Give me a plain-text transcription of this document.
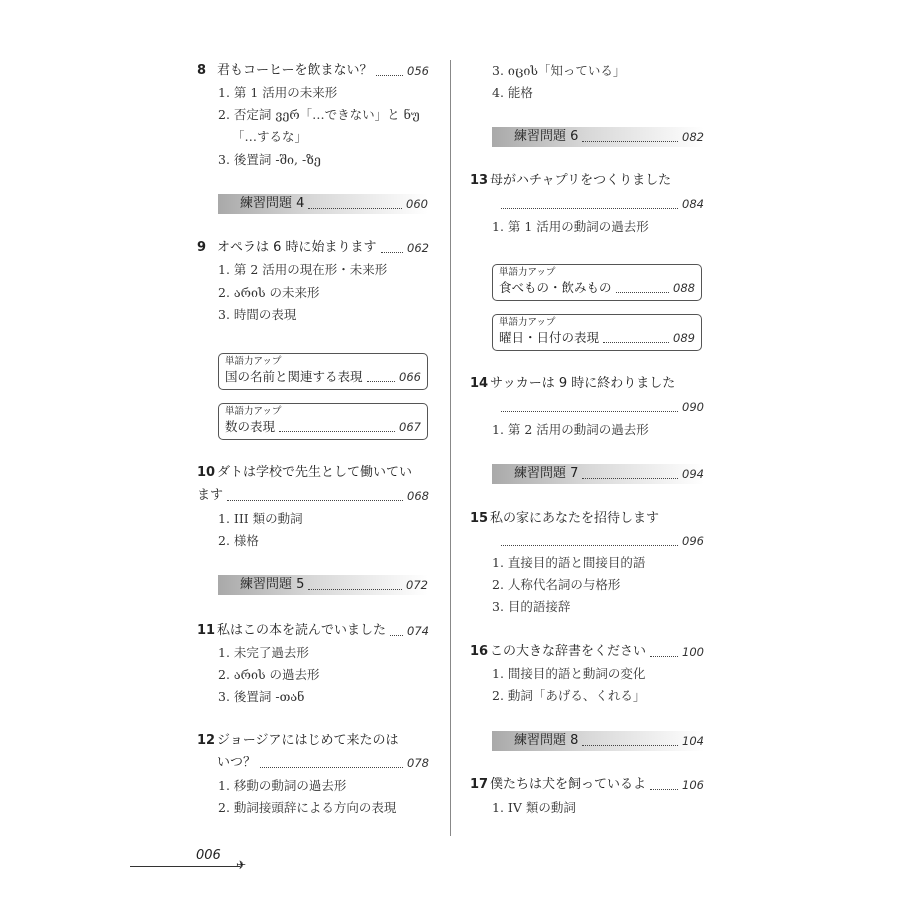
8 君もコーヒーを飲まない？	056
1. 第 1 活用の未来形
2. 否定詞 ვერ「…できない」と ნუ
「…するな」
3. 後置詞 -ში, -ზე
練習問題 4	060
9 オペラは 6 時に始まります	062
1. 第 2 活用の現在形・未来形
2. არის の未来形
3. 時間の表現
単語力アップ
国の名前と関連する表現	066
単語力アップ
数の表現	067
10 ダトは学校で先生として働いてい
ます	068
1. III 類の動詞
2. 様格
練習問題 5	072
11 私はこの本を読んでいました 074
1. 未完了過去形
2. არის の過去形
3. 後置詞 -თან
12 ジョージアにはじめて来たのは
いつ？	078
1. 移動の動詞の過去形
2. 動詞接頭辞による方向の表現
3. იცის「知っている」
4. 能格
練習問題 6	082
13 母がハチャプリをつくりました
084
1. 第 1 活用の動詞の過去形
単語力アップ
食べもの・飲みもの	088
単語力アップ
曜日・日付の表現	089
14 サッカーは 9 時に終わりました
090
1. 第 2 活用の動詞の過去形
練習問題 7	094
15 私の家にあなたを招待します
096
1. 直接目的語と間接目的語
2. 人称代名詞の与格形
3. 目的語接辞
16 この大きな辞書をください	100
1. 間接目的語と動詞の変化
2. 動詞「あげる、くれる」
練習問題 8	104
17 僕たちは犬を飼っているよ	106
1. IV 類の動詞
006
✈
